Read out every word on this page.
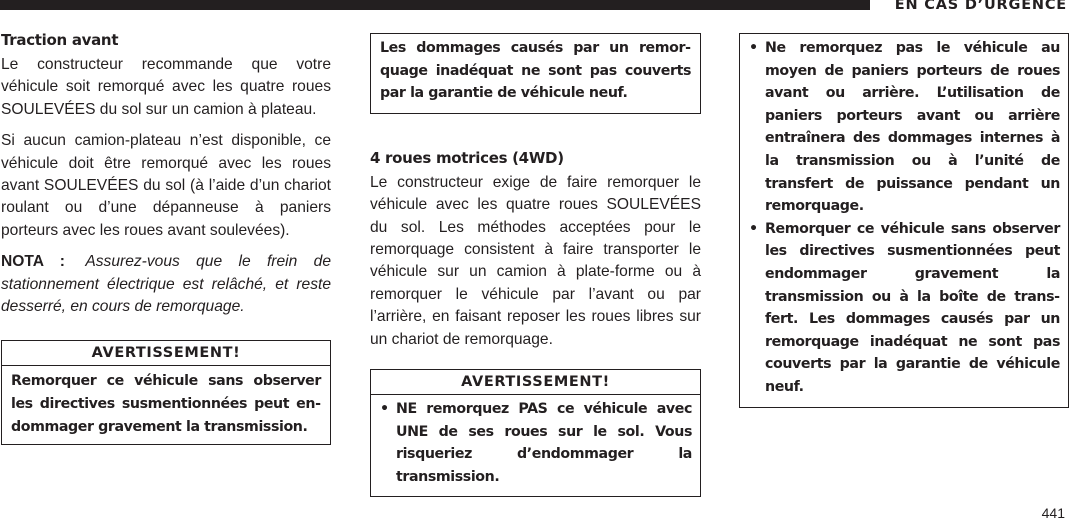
EN CAS D’URGENCE
Traction avant

Le constructeur recommande que votre véhicule soit remorqué avec les quatre roues SOULEVÉES du sol sur un camion à plateau.

Si aucun camion-plateau n’est disponible, ce véhicule doit être remorqué avec les roues avant SOULEVÉES du sol (à l’aide d’un chariot roulant ou d’une dépanneuse à paniers porteurs avec les roues avant soulevées).

NOTA : Assurez-vous que le frein de stationnement électrique est relâché, et reste desserré, en cours de remorquage.

AVERTISSEMENT!
Remorquer ce véhicule sans observer les directives susmentionnées peut endommager gravement la transmission.
Les dommages causés par un remorquage inadéquat ne sont pas couverts par la garantie de véhicule neuf.
4 roues motrices (4WD)

Le constructeur exige de faire remorquer le véhicule avec les quatre roues SOULEVÉES du sol. Les méthodes acceptées pour le remorquage consistent à faire transporter le véhicule sur un camion à plate-forme ou à remorquer le véhicule par l’avant ou par l’arrière, en faisant reposer les roues libres sur un chariot de remorquage.

AVERTISSEMENT!
• NE remorquez PAS ce véhicule avec UNE de ses roues sur le sol. Vous risqueriez d’endommager la transmission.
• Ne remorquez pas le véhicule au moyen de paniers porteurs de roues avant ou arrière. L’utilisation de paniers porteurs avant ou arrière entraînera des dommages internes à la transmission ou à l’unité de transfert de puissance pendant un remorquage.
• Remorquer ce véhicule sans observer les directives susmentionnées peut endommager gravement la transmission ou à la boîte de transfert. Les dommages causés par un remorquage inadéquat ne sont pas couverts par la garantie de véhicule neuf.
441
